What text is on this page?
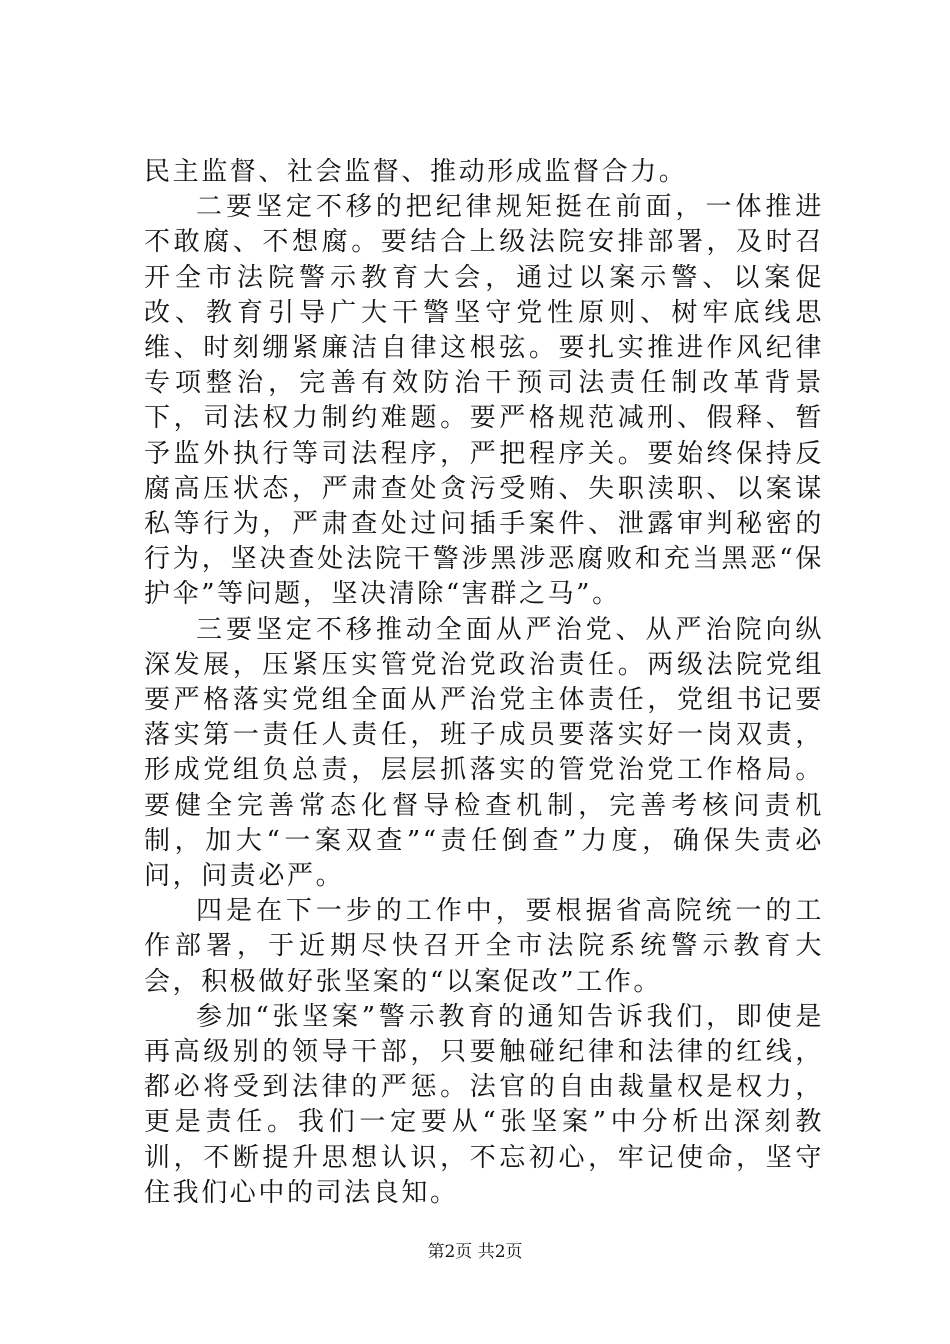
民主监督、社会监督、推动形成监督合力。

二要坚定不移的把纪律规矩挺在前面，一体推进不敢腐、不想腐。要结合上级法院安排部署，及时召开全市法院警示教育大会，通过以案示警、以案促改、教育引导广大干警坚守党性原则、树牢底线思维、时刻绷紧廉洁自律这根弦。要扎实推进作风纪律专项整治，完善有效防治干预司法责任制改革背景下，司法权力制约难题。要严格规范减刑、假释、暂予监外执行等司法程序，严把程序关。要始终保持反腐高压状态，严肃查处贪污受贿、失职渎职、以案谋私等行为，严肃查处过问插手案件、泄露审判秘密的行为，坚决查处法院干警涉黑涉恶腐败和充当黑恶“保护伞”等问题，坚决清除“害群之马”。

三要坚定不移推动全面从严治党、从严治院向纵深发展，压紧压实管党治党政治责任。两级法院党组要严格落实党组全面从严治党主体责任，党组书记要落实第一责任人责任，班子成员要落实好一岗双责，形成党组负总责，层层抓落实的管党治党工作格局。要健全完善常态化督导检查机制，完善考核问责机制，加大“一案双查”“责任倒查”力度，确保失责必问，问责必严。

四是在下一步的工作中，要根据省高院统一的工作部署，于近期尽快召开全市法院系统警示教育大会，积极做好张坚案的“以案促改”工作。

参加“张坚案”警示教育的通知告诉我们，即使是再高级别的领导干部，只要触碰纪律和法律的红线，都必将受到法律的严惩。法官的自由裁量权是权力，更是责任。我们一定要从“张坚案”中分析出深刻教训，不断提升思想认识，不忘初心，牢记使命，坚守住我们心中的司法良知。

第2页 共2页
